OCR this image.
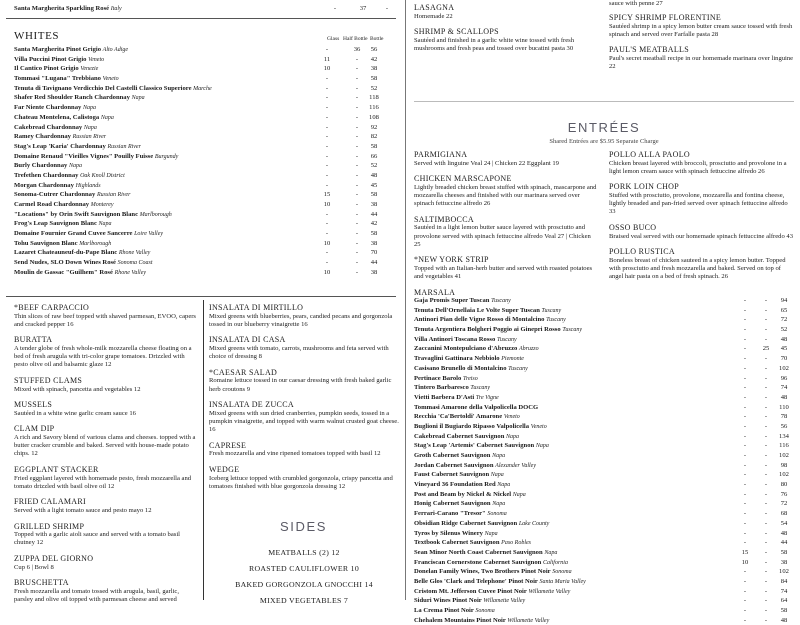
Santa Margherita Sparkling Rosé Italy	-	37	-
WHITES	Glass Half Bottle Bottle
Santa Margherita Pinot Grigio Alto Adige	-	36	56
Villa Puccini Pinot Grigio Veneto	11	-	42
Il Cantico Pinot Grigio Venezie	10	-	38
Tommasi "Lugana" Trebbiano Veneto	-	-	58
Tenuta di Tavignano Verdicchio Del Castelli Classico Superiore Marche	-	-	52
Shafer Red Shoulder Ranch Chardonnay Napa	-	-	118
Far Niente Chardonnay Napa	-	-	116
Chateau Montelena, Calistoga Napa	-	-	108
Cakebread Chardonnay Napa	-	-	92
Ramey Chardonnay Russian River	-	-	82
Stag's Leap 'Karia' Chardonnay Russian River	-	-	58
Domaine Renaud "Vieilles Vignes" Pouilly Fuisse Burgundy	-	-	66
Burly Chardonnay Napa	-	-	52
Trefethen Chardonnay Oak Knoll District	-	-	48
Morgan Chardonnay Highlands	-	-	45
Sonoma-Cutrer Chardonnay Russian River	15	-	58
Carmel Road Chardonnay Monterey	10	-	38
"Locations" by Orin Swift Sauvignon Blanc Marlborough	-	-	44
Frog's Leap Sauvignon Blanc Napa	-	-	42
Domaine Fournier Grand Cuvee Sancerre Loire Valley	-	-	58
Tohu Sauvignon Blanc Marlborough	10	-	38
Lazaret Chateauneuf-du-Pape Blanc Rhone Valley	-	-	70
Send Nudes, SLO Down Wines Rosé Sonoma Coast	-	-	44
Moulin de Gassac "Guilhem" Rosé Rhone Valley	10	-	38
*BEEF CARPACCIO
Thin slices of raw beef topped with shaved parmesan, EVOO, capers and cracked pepper 16
BURATTA
A tender globe of fresh whole-milk mozzarella cheese floating on a bed of fresh arugula with tri-color grape tomatoes. Drizzled with pesto olive oil and balsamic glaze 12
STUFFED CLAMS
Mixed with spinach, pancetta and vegetables 12
MUSSELS
Sautéed in a white wine garlic cream sauce 16
CLAM DIP
A rich and Savory blend of various clams and cheeses. topped with a butter cracker crumble and baked. Served with house-made potato chips. 12
EGGPLANT STACKER
Fried eggplant layered with homemade pesto, fresh mozzarella and tomato drizzled with basil olive oil 12
FRIED CALAMARI
Served with a light tomato sauce and pesto mayo 12
GRILLED SHRIMP
Topped with a garlic aioli sauce and served with a tomato basil chutney 12
ZUPPA DEL GIORNO
Cup 6 | Bowl 8
BRUSCHETTA
Fresh mozzarella and tomato tossed with arugula, basil, garlic, parsley and olive oil topped with parmesan cheese and served
INSALATA DI MIRTILLO
Mixed greens with blueberries, pears, candied pecans and gorgonzola tossed in our blueberry vinaigrette 16
INSALATA DI CASA
Mixed greens with tomato, carrots, mushrooms and feta served with choice of dressing 8
*CAESAR SALAD
Romaine lettuce tossed in our caesar dressing with fresh baked garlic herb croutons 9
INSALATA DE ZUCCA
Mixed greens with sun dried cranberries, pumpkin seeds, tossed in a pumpkin vinaigrette, and topped with warm walnut crusted goat cheese. 16
CAPRESE
Fresh mozzarella and vine ripened tomatoes topped with basil 12
WEDGE
Iceberg lettuce topped with crumbled gorgonzola, crispy pancetta and tomatoes finished with blue gorgonzola dressing 12
SIDES
MEATBALLS (2) 12
ROASTED CAULIFLOWER 10
BAKED GORGONZOLA GNOCCHI 14
MIXED VEGETABLES 7
LASAGNA
Homemade 22
SHRIMP & SCALLOPS
Sautéed and finished in a garlic white wine tossed with fresh mushrooms and fresh peas and tossed over bucatini pasta 30
sauce with penne 27
SPICY SHRIMP FLORENTINE
Sautéed shrimp in a spicy lemon butter cream sauce tossed with fresh spinach and served over Farfalle pasta 28
PAUL'S MEATBALLS
Paul's secret meatball recipe in our homemade marinara over linguine 22
ENTRÉES
Shared Entrées are $5.95 Separate Charge
PARMIGIANA
Served with linguine Veal 24 | Chicken 22 Eggplant 19
CHICKEN MARSCAPONE
Lightly breaded chicken breast stuffed with spinach, mascarpone and mozzarella cheeses and finished with our marinara served over spinach fettuccine alfredo 26
SALTIMBOCCA
Sautéed in a light lemon butter sauce layered with prosciutto and provolone served with spinach fettuccine alfredo Veal 27 | Chicken 25
*NEW YORK STRIP
Topped with an Italian-herb butter and served with roasted potatoes and vegetables 41
MARSALA
POLLO ALLA PAOLO
Chicken breast layered with broccoli, prosciutto and provolone in a light lemon cream sauce with spinach fettuccine alfredo 26
PORK LOIN CHOP
Stuffed with prosciutto, provolone, mozzarella and fontina cheese, lightly breaded and pan-fried served over spinach fettuccine alfredo 33
OSSO BUCO
Braised veal served with our homemade spinach fettuccine alfredo 43
POLLO RUSTICA
Boneless breast of chicken sauteed in a spicy lemon butter. Topped with prosciutto and fresh mozzarella and baked. Served on top of angel hair pasta on a bed of fresh spinach. 26
Gaja Promis Super Tuscan Tuscany	-	-	94
Tenuta Dell'Ornellaia Le Volte Super Tuscan Tuscany	-	-	65
Antinori Pian delle Vigne Rosso di Montalcino Tuscany	-	-	72
Tenuta Argentiera Bolgheri Poggio ai Ginepri Rosso Tuscany	-	-	52
Villa Antinori Toscana Rosso Tuscany	-	-	48
Zaccanini Montepulciano d'Abruzzo Abruzzo	-	25	45
Travaglini Gattinara Nebbiolo Piemonte	-	-	70
Casisano Brunello di Montalcino Tuscany	-	-	102
Pertinace Barolo Treiso	-	-	96
Tintero Barbaresco Tuscany	-	-	74
Vietti Barbera D'Asti Tre Vigne	-	-	48
Tommasi Amarone della Valpolicella DOCG	-	-	110
Recchia 'Ca'Bertoldi' Amarone Veneto	-	-	78
Buglioni il Bugiardo Ripasso Valpolicella Veneto	-	-	56
Cakebread Cabernet Sauvignon Napa	-	-	134
Stag's Leap 'Artemis' Cabernet Sauvignon Napa	-	-	116
Groth Cabernet Sauvignon Napa	-	-	102
Jordan Cabernet Sauvignon Alexander Valley	-	-	98
Faust Cabernet Sauvignon Napa	-	-	102
Vineyard 36 Foundation Red Napa	-	-	80
Post and Beam by Nickel & Nickel Napa	-	-	76
Honig Cabernet Sauvignon Napa	-	-	72
Ferrari-Carano "Tresor" Sonoma	-	-	68
Obsidian Ridge Cabernet Sauvignon Lake County	-	-	54
Tyros by Silenus Winery Napa	-	-	48
Textbook Cabernet Sauvignon Paso Robles	-	-	44
Sean Minor North Coast Cabernet Sauvignon Napa	15	-	58
Franciscan Cornerstone Cabernet Sauvignon California	10	-	38
Donelan Family Wines, Two Brothers Pinot Noir Sonoma	-	-	102
Belle Glos 'Clark and Telephone' Pinot Noir Santa Maria Valley	-	-	84
Cristom Mt. Jefferson Cuvee Pinot Noir Willamette Valley	-	-	74
Siduri Wines Pinot Noir Willamette Valley	-	-	64
La Crema Pinot Noir Sonoma	-	-	58
Chehalem Mountains Pinot Noir Willamette Valley	-	-	48
